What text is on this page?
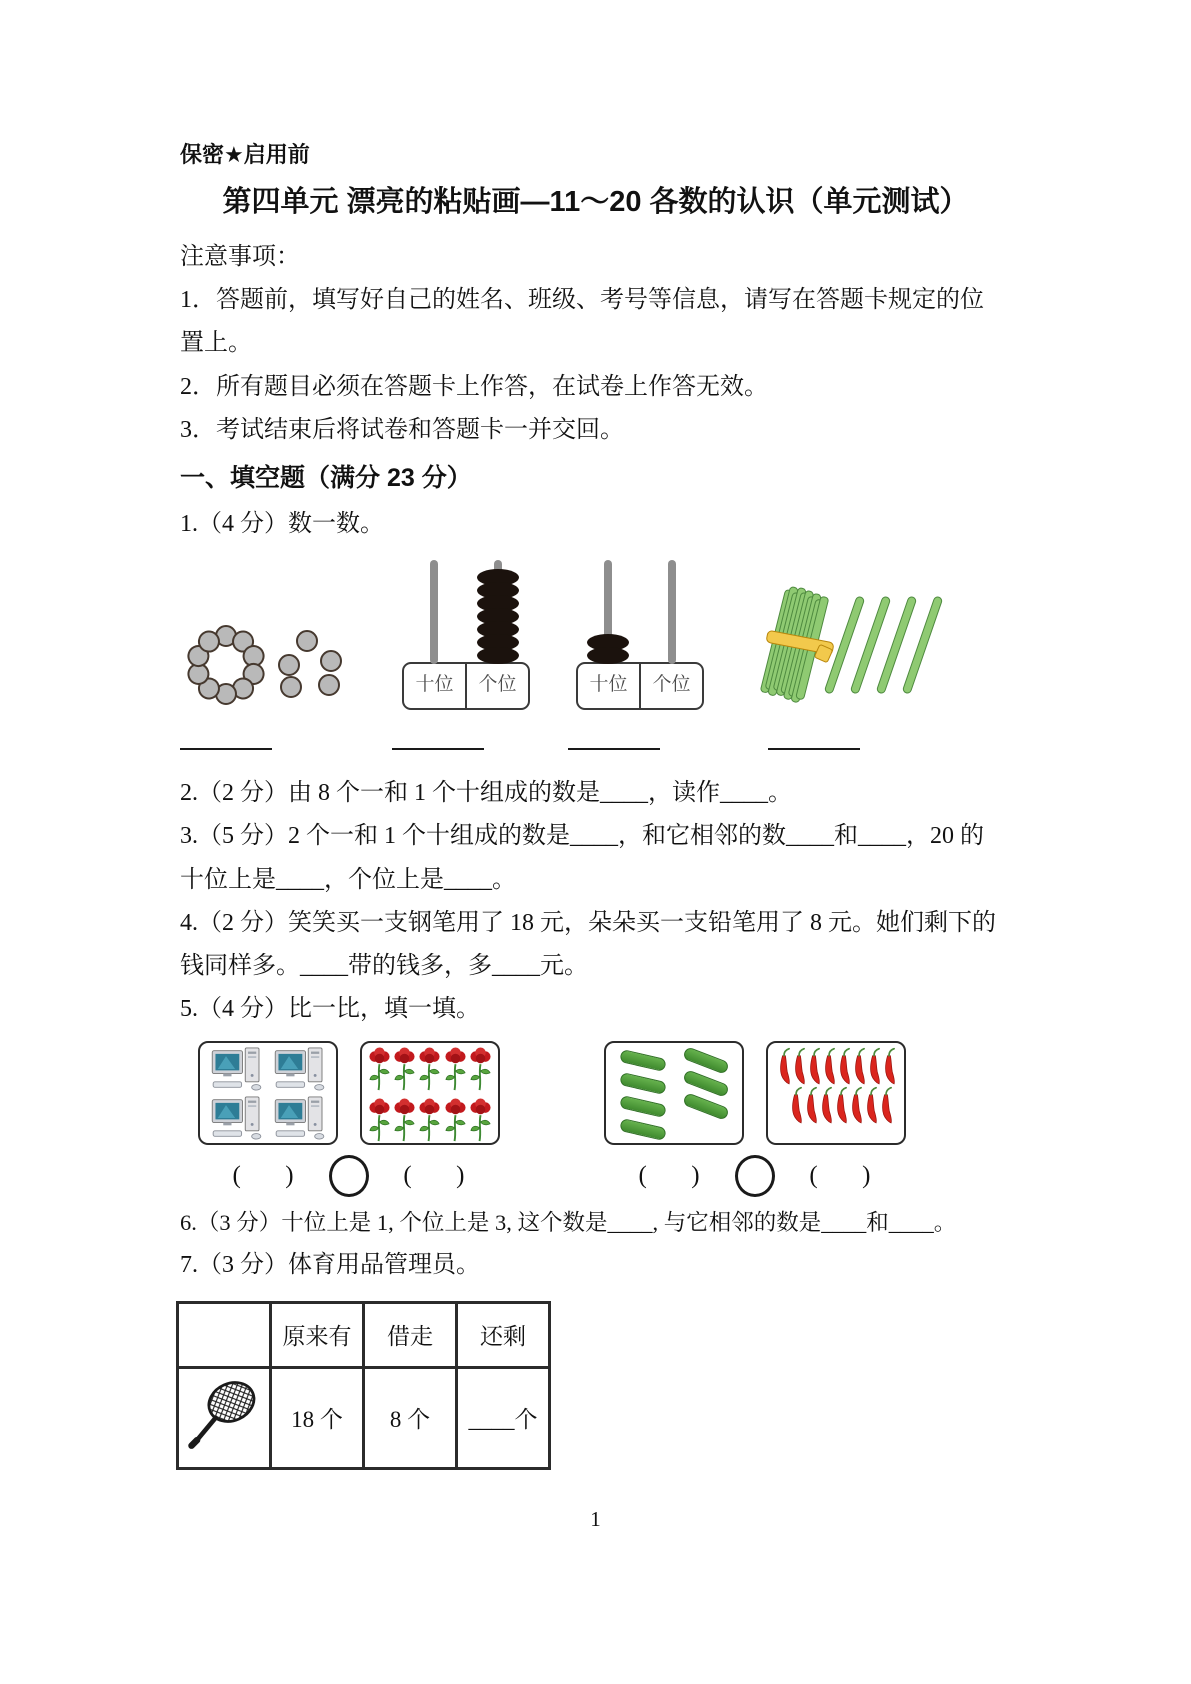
保密★启用前
第四单元 漂亮的粘贴画—11～20 各数的认识（单元测试）

注意事项：

1．答题前，填写好自己的姓名、班级、考号等信息，请写在答题卡规定的位

置上。

2．所有题目必须在答题卡上作答，在试卷上作答无效。

3．考试结束后将试卷和答题卡一并交回。

一、填空题（满分 23 分）

1.（4 分）数一数。

十位	个位	十位	个位

2.（2 分）由 8 个一和 1 个十组成的数是____，读作____。

3.（5 分）2 个一和 1 个十组成的数是____，和它相邻的数____和____，20 的

十位上是____，个位上是____。

4.（2 分）笑笑买一支钢笔用了 18 元，朵朵买一支铅笔用了 8 元。她们剩下的

钱同样多。____带的钱多，多____元。

5.（4 分）比一比，填一填。

(      )	(      )	(      )	(      )

6.（3 分）十位上是 1, 个位上是 3, 这个数是____, 与它相邻的数是____和____。

7.（3 分）体育用品管理员。

	原来有	借走	还剩
	18 个	8 个	____个
1
